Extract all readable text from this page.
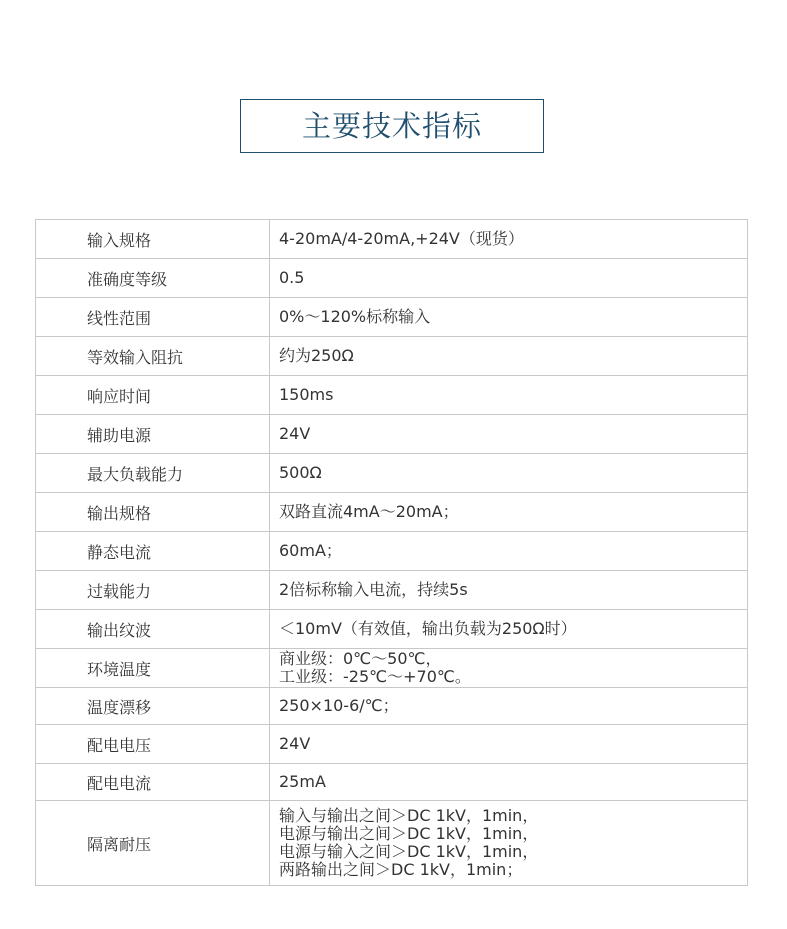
主要技术指标
输入规格	4-20mA/4-20mA,+24V（现货）

准确度等级	0.5

线性范围	0%～120%标称输入

等效输入阻抗	约为250Ω

响应时间	150ms

辅助电源	24V

最大负载能力	500Ω

输出规格	双路直流4mA～20mA；

静态电流	60mA；

过载能力	2倍标称输入电流，持续5s

输出纹波	＜10mV（有效值，输出负载为250Ω时）

环境温度	商业级：0℃～50℃，
工业级：-25℃～+70℃。

温度漂移	250×10-6/℃；

配电电压	24V

配电电流	25mA

隔离耐压	输入与输出之间＞DC 1kV，1min，
电源与输出之间＞DC 1kV，1min，
电源与输入之间＞DC 1kV，1min，
两路输出之间＞DC 1kV，1min；
